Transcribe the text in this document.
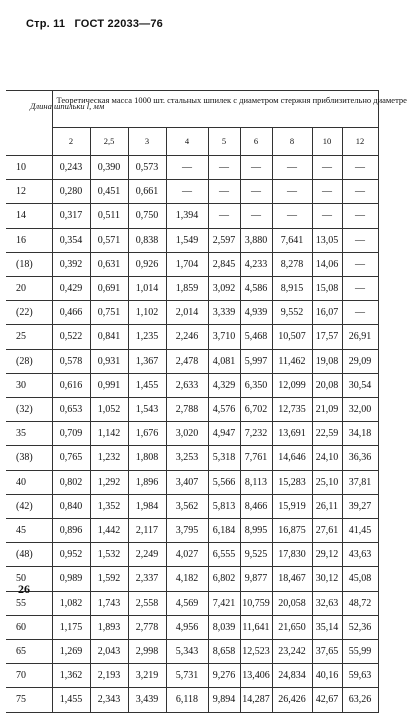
Стр. 11 ГОСТ 22033—76
Длина шпильки l, мм	Теоретическая масса 1000 шт. стальных шпилек с диаметром стержня приблизительно диаметре								
	2	2,5	3	4	5	6	8	10	12
10	0,243	0,390	0,573	—	—	—	—	—	—
12	0,280	0,451	0,661	—	—	—	—	—	—
14	0,317	0,511	0,750	1,394	—	—	—	—	—
16	0,354	0,571	0,838	1,549	2,597	3,880	7,641	13,05	—
(18)	0,392	0,631	0,926	1,704	2,845	4,233	8,278	14,06	—
20	0,429	0,691	1,014	1,859	3,092	4,586	8,915	15,08	—
(22)	0,466	0,751	1,102	2,014	3,339	4,939	9,552	16,07	—
25	0,522	0,841	1,235	2,246	3,710	5,468	10,507	17,57	26,91
(28)	0,578	0,931	1,367	2,478	4,081	5,997	11,462	19,08	29,09
30	0,616	0,991	1,455	2,633	4,329	6,350	12,099	20,08	30,54
(32)	0,653	1,052	1,543	2,788	4,576	6,702	12,735	21,09	32,00
35	0,709	1,142	1,676	3,020	4,947	7,232	13,691	22,59	34,18
(38)	0,765	1,232	1,808	3,253	5,318	7,761	14,646	24,10	36,36
40	0,802	1,292	1,896	3,407	5,566	8,113	15,283	25,10	37,81
(42)	0,840	1,352	1,984	3,562	5,813	8,466	15,919	26,11	39,27
45	0,896	1,442	2,117	3,795	6,184	8,995	16,875	27,61	41,45
(48)	0,952	1,532	2,249	4,027	6,555	9,525	17,830	29,12	43,63
50	0,989	1,592	2,337	4,182	6,802	9,877	18,467	30,12	45,08
55	1,082	1,743	2,558	4,569	7,421	10,759	20,058	32,63	48,72
60	1,175	1,893	2,778	4,956	8,039	11,641	21,650	35,14	52,36
65	1,269	2,043	2,998	5,343	8,658	12,523	23,242	37,65	55,99
70	1,362	2,193	3,219	5,731	9,276	13,406	24,834	40,16	59,63
75	1,455	2,343	3,439	6,118	9,894	14,287	26,426	42,67	63,26
26
